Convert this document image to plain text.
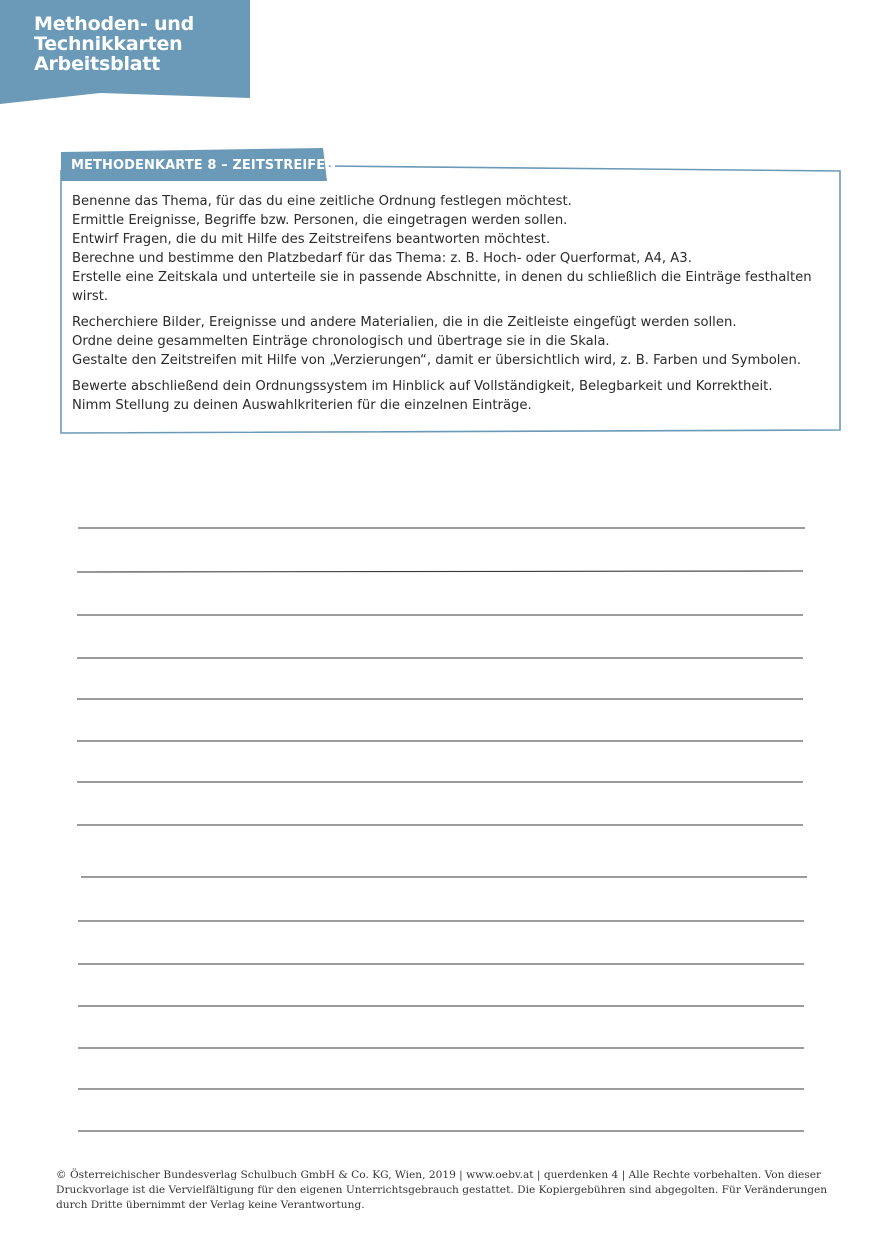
Methoden- und
Technikkarten
Arbeitsblatt
METHODENKARTE 8 – ZEITSTREIFEN

Benenne das Thema, für das du eine zeitliche Ordnung festlegen möchtest.
Ermittle Ereignisse, Begriffe bzw. Personen, die eingetragen werden sollen.
Entwirf Fragen, die du mit Hilfe des Zeitstreifens beantworten möchtest.
Berechne und bestimme den Platzbedarf für das Thema: z. B. Hoch- oder Querformat, A4, A3.
Erstelle eine Zeitskala und unterteile sie in passende Abschnitte, in denen du schließlich die Einträge festhalten wirst.

Recherchiere Bilder, Ereignisse und andere Materialien, die in die Zeitleiste eingefügt werden sollen.
Ordne deine gesammelten Einträge chronologisch und übertrage sie in die Skala.
Gestalte den Zeitstreifen mit Hilfe von „Verzierungen“, damit er übersichtlich wird, z. B. Farben und Symbolen.

Bewerte abschließend dein Ordnungssystem im Hinblick auf Vollständigkeit, Belegbarkeit und Korrektheit.
Nimm Stellung zu deinen Auswahlkriterien für die einzelnen Einträge.

© Österreichischer Bundesverlag Schulbuch GmbH & Co. KG, Wien, 2019 | www.oebv.at | querdenken 4 | Alle Rechte vorbehalten. Von dieser Druckvorlage ist die Vervielfältigung für den eigenen Unterrichtsgebrauch gestattet. Die Kopiergebühren sind abgegolten. Für Veränderungen durch Dritte übernimmt der Verlag keine Verantwortung.
